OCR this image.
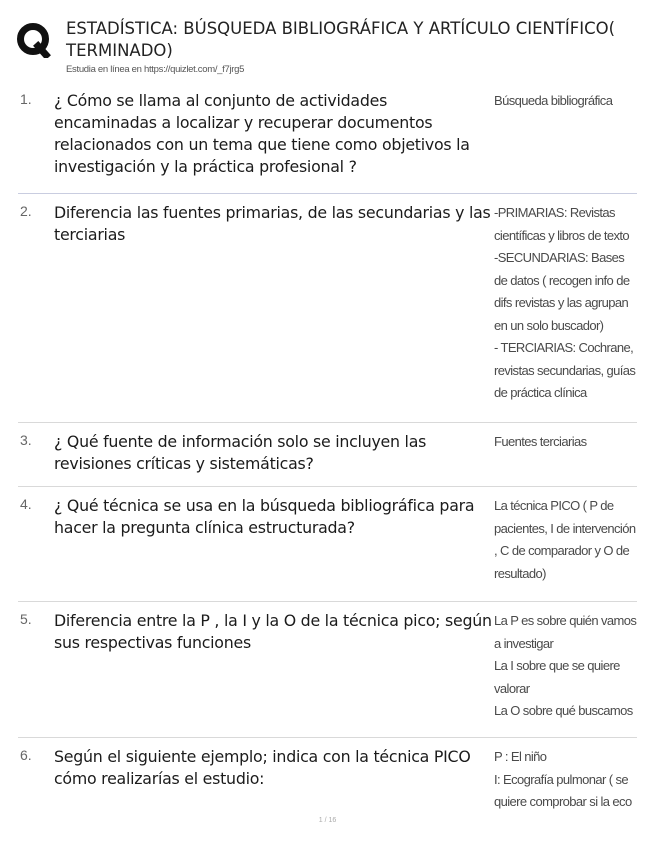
ESTADÍSTICA: BÚSQUEDA BIBLIOGRÁFICA Y ARTÍCULO CIENTÍFICO( TERMINADO)
Estudia en línea en https://quizlet.com/_f7jrg5
1.	¿ Cómo se llama al conjunto de actividades encaminadas a localizar y recuperar documentos relacionados con un tema que tiene como objetivos la investigación y la práctica profesional ?
Búsqueda bibliográfica
2.	Diferencia las fuentes primarias, de las secundarias y las terciarias
-PRIMARIAS: Revistas científicas y libros de texto
-SECUNDARIAS: Bases de datos ( recogen info de difs revistas y las agrupan en un solo buscador)
- TERCIARIAS: Cochrane, revistas secundarias, guías de práctica clínica
3.	¿ Qué fuente de información solo se incluyen las revisiones críticas y sistemáticas?
Fuentes terciarias
4.	¿ Qué técnica se usa en la búsqueda bibliográfica para hacer la pregunta clínica estructurada?
La técnica PICO ( P de pacientes, I de intervención , C de comparador y O de resultado)
5.	Diferencia entre la P , la I y la O de la técnica pico; según sus respectivas funciones
La P es sobre quién vamos a investigar
La I sobre que se quiere valorar
La O sobre qué buscamos
6.	Según el siguiente ejemplo; indica con la técnica PICO cómo realizarías el estudio:
P : El niño
I: Ecografía pulmonar ( se quiere comprobar si la eco
1 / 16
